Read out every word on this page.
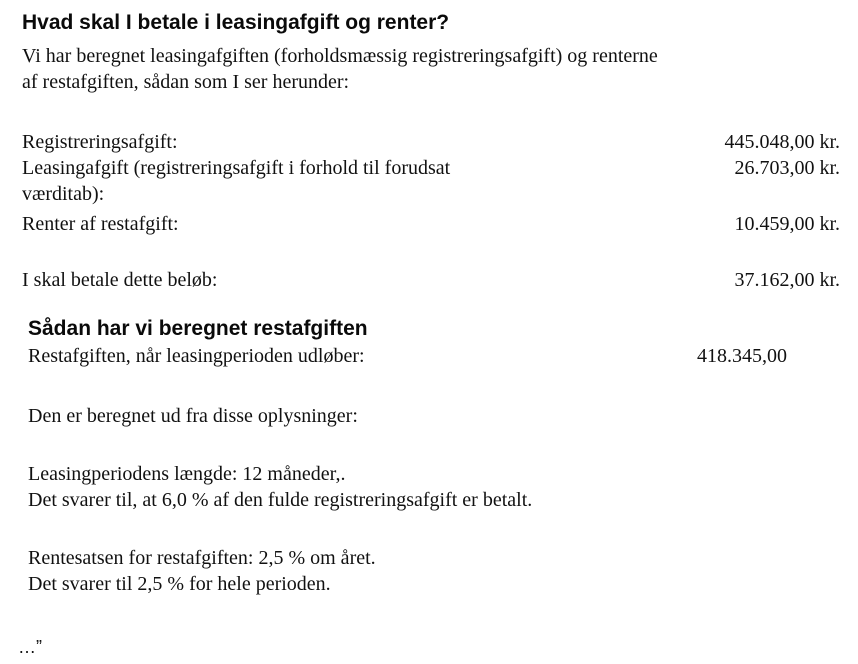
Hvad skal I betale i leasingafgift og renter?
Vi har beregnet leasingafgiften (forholdsmæssig registreringsafgift) og renterne
af restafgiften, sådan som I ser herunder:
Registreringsafgift:	445.048,00 kr.
Leasingafgift (registreringsafgift i forhold til forudsat	26.703,00 kr.
værditab):
Renter af restafgift:	10.459,00 kr.
I skal betale dette beløb:	37.162,00 kr.
Sådan har vi beregnet restafgiften
Restafgiften, når leasingperioden udløber:	418.345,00
Den er beregnet ud fra disse oplysninger:
Leasingperiodens længde: 12 måneder,.
Det svarer til, at 6,0 % af den fulde registreringsafgift er betalt.
Rentesatsen for restafgiften: 2,5 % om året.
Det svarer til 2,5 % for hele perioden.
…”
